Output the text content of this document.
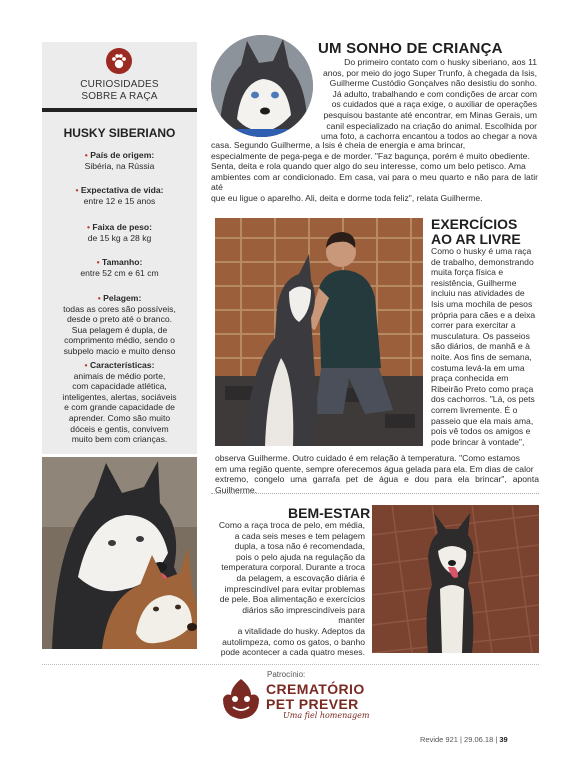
CURIOSIDADES
SOBRE A RAÇA
HUSKY SIBERIANO
• País de origem:
Sibéria, na Rússia
• Expectativa de vida:
entre 12 e 15 anos
• Faixa de peso:
de 15 kg a 28 kg
• Tamanho:
entre 52 cm e 61 cm
• Pelagem:
todas as cores são possíveis,
desde o preto até o branco.
Sua pelagem é dupla, de
comprimento médio, sendo o
subpelo macio e muito denso
• Características:
animais de médio porte,
com capacidade atlética,
inteligentes, alertas, sociáveis
e com grande capacidade de
aprender. Como são muito
dóceis e gentis, convivem
muito bem com crianças.
UM SONHO DE CRIANÇA
Do primeiro contato com o husky siberiano, aos 11
anos, por meio do jogo Super Trunfo, à chegada da Isis,
Guilherme Custódio Gonçalves não desistiu do sonho.
Já adulto, trabalhando e com condições de arcar com
os cuidados que a raça exige, o auxiliar de operações
pesquisou bastante até encontrar, em Minas Gerais, um
canil especializado na criação do animal. Escolhida por
uma foto, a cachorra encantou a todos ao chegar a nova
casa. Segundo Guilherme, a Isis é cheia de energia e ama brincar,
especialmente de pega-pega e de morder. "Faz bagunça, porém é muito obediente.
Senta, deita e rola quando quer algo do seu interesse, como um belo petisco. Ama
ambientes com ar condicionado. Em casa, vai para o meu quarto e não para de latir até
que eu ligue o aparelho. Ali, deita e dorme toda feliz", relata Guilherme.
EXERCÍCIOS
AO AR LIVRE
Como o husky é uma raça
de trabalho, demonstrando
muita força física e
resistência, Guilherme
incluiu nas atividades de
Isis uma mochila de pesos
própria para cães e a deixa
correr para exercitar a
musculatura. Os passeios
são diários, de manhã e à
noite. Aos fins de semana,
costuma levá-la em uma
praça conhecida em
Ribeirão Preto como praça
dos cachorros. "Lá, os pets
correm livremente. É o
passeio que ela mais ama,
pois vê todos os amigos e
pode brincar à vontade",
observa Guilherme. Outro cuidado é em relação à temperatura. "Como estamos
em uma região quente, sempre oferecemos água gelada para ela. Em dias de calor
extremo, congelo uma garrafa pet de água e dou para ela brincar", aponta Guilherme.
BEM-ESTAR
Como a raça troca de pelo, em média,
a cada seis meses e tem pelagem
dupla, a tosa não é recomendada,
pois o pelo ajuda na regulação da
temperatura corporal. Durante a troca
da pelagem, a escovação diária é
imprescindível para evitar problemas
de pele. Boa alimentação e exercícios
diários são imprescindíveis para manter
a vitalidade do husky. Adeptos da
autolimpeza, como os gatos, o banho
pode acontecer a cada quatro meses.
Patrocínio:
CREMATÓRIO
PET PREVER
Uma fiel homenagem
Revide 921 | 29.06.18 | 39
